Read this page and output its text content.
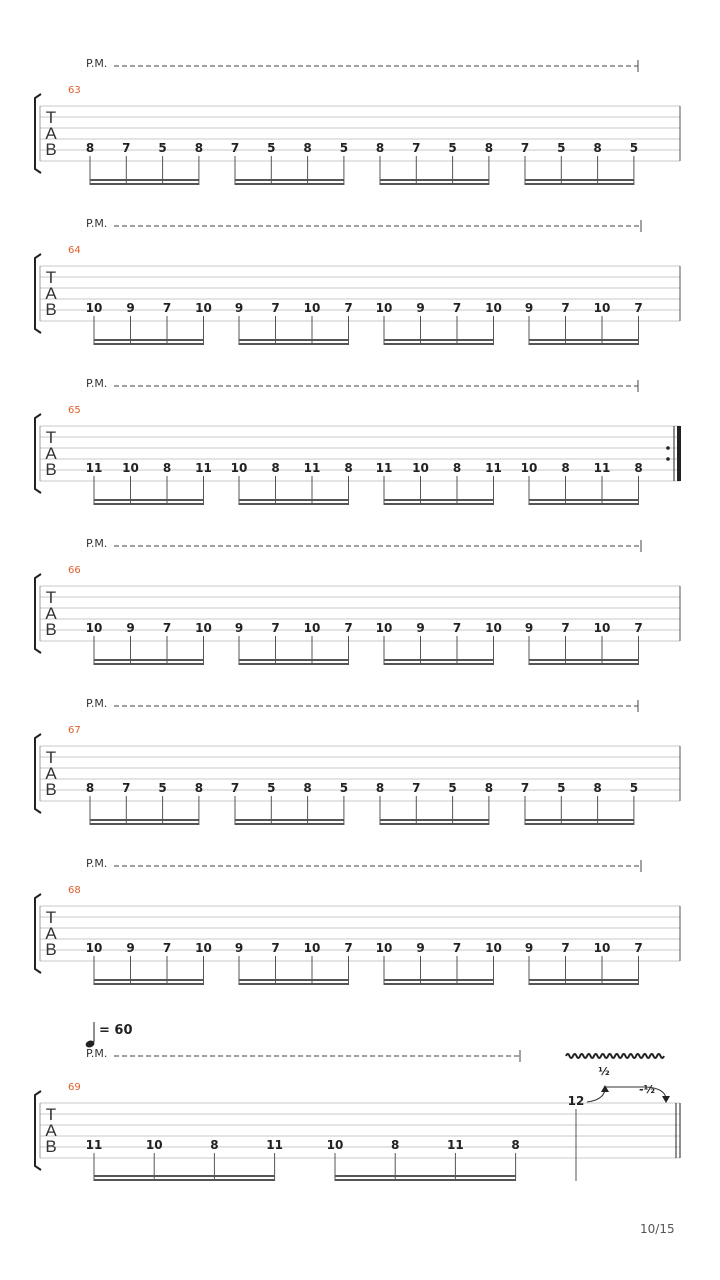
P.M.
T
A
B
63
8 7 5 8 7 5 8 5 8 7 5 8 7 5 8 5
P.M.
T
A
B
64
10 9 7 10 9 7 10 7 10 9 7 10 9 7 10 7
P.M.
T
A
B
65
11 10 8 11 10 8 11 8 11 10 8 11 10 8 11 8
P.M.
T
A
B
66
10 9 7 10 9 7 10 7 10 9 7 10 9 7 10 7
P.M.
T
A
B
67
8 7 5 8 7 5 8 5 8 7 5 8 7 5 8 5
P.M.
T
A
B
68
10 9 7 10 9 7 10 7 10 9 7 10 9 7 10 7
= 60
P.M.
T
A
B
69
11	10	8	11	10	8	11	8
12
½
-½
10/15
